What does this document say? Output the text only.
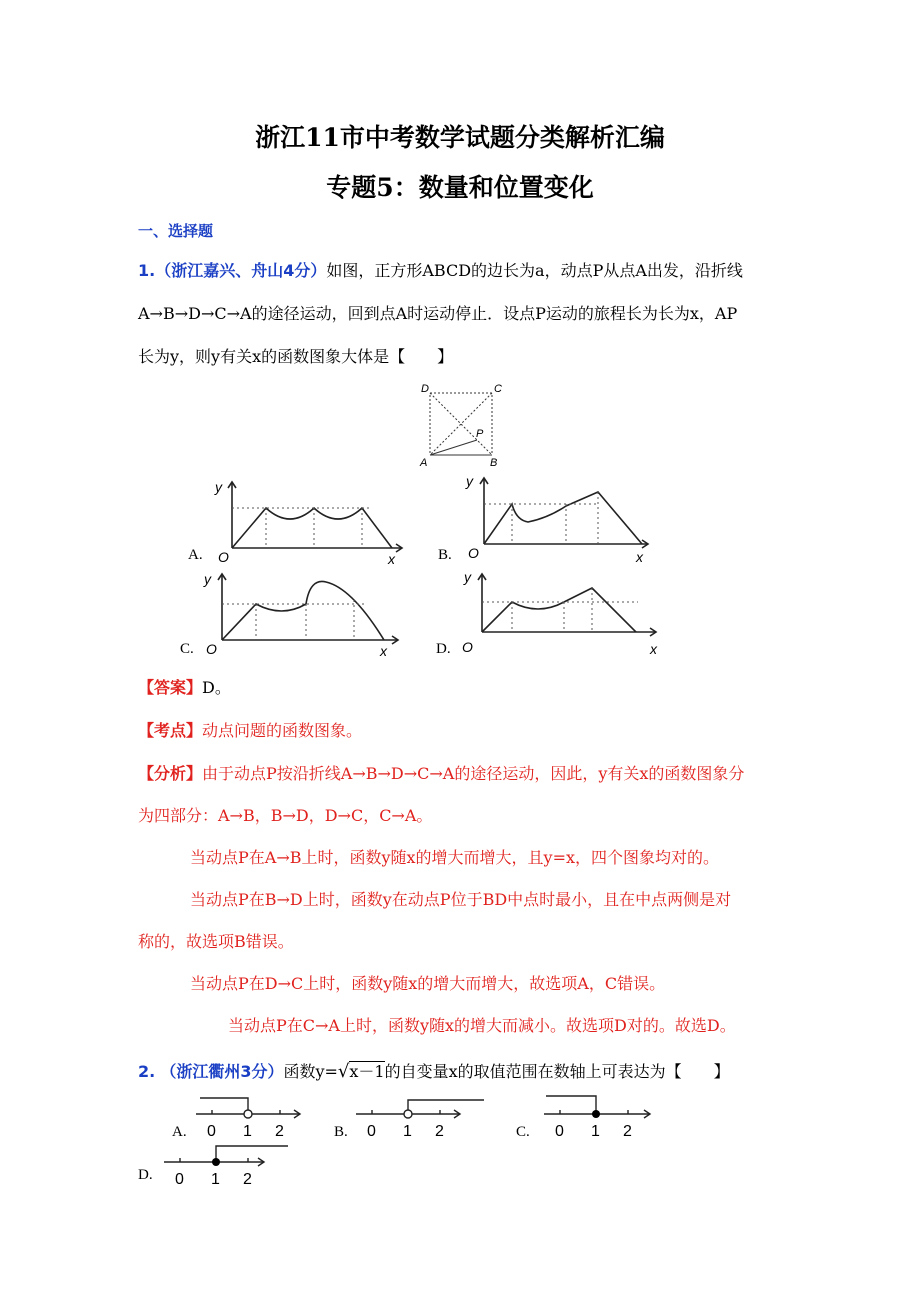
浙江11市中考数学试题分类解析汇编
专题5：数量和位置变化
一、选择题
1.（浙江嘉兴、舟山4分）如图，正方形ABCD的边长为a，动点P从点A出发，沿折线
A→B→D→C→A的途径运动，回到点A时运动停止．设点P运动的旅程长为长为x，AP
长为y，则y有关x的函数图象大体是【　　】
D	C
P
A	B
A.
y
O	x	B.
y
O	x
C.
y
O	x	D.
y
O	x
【答案】D。
【考点】动点问题的函数图象。
【分析】由于动点P按沿折线A→B→D→C→A的途径运动，因此，y有关x的函数图象分
为四部分：A→B，B→D，D→C，C→A。
当动点P在A→B上时，函数y随x的增大而增大，且y=x，四个图象均对的。
当动点P在B→D上时，函数y在动点P位于BD中点时最小，且在中点两侧是对
称的，故选项B错误。
当动点P在D→C上时，函数y随x的增大而增大，故选项A，C错误。
当动点P在C→A上时，函数y随x的增大而减小。故选项D对的。故选D。
2. （浙江衢州3分）函数y=√x－1的自变量x的取值范围在数轴上可表达为【　　】
A. 0 1 2	B. 0 1 2	C. 0 1 2
D. 0 1 2
